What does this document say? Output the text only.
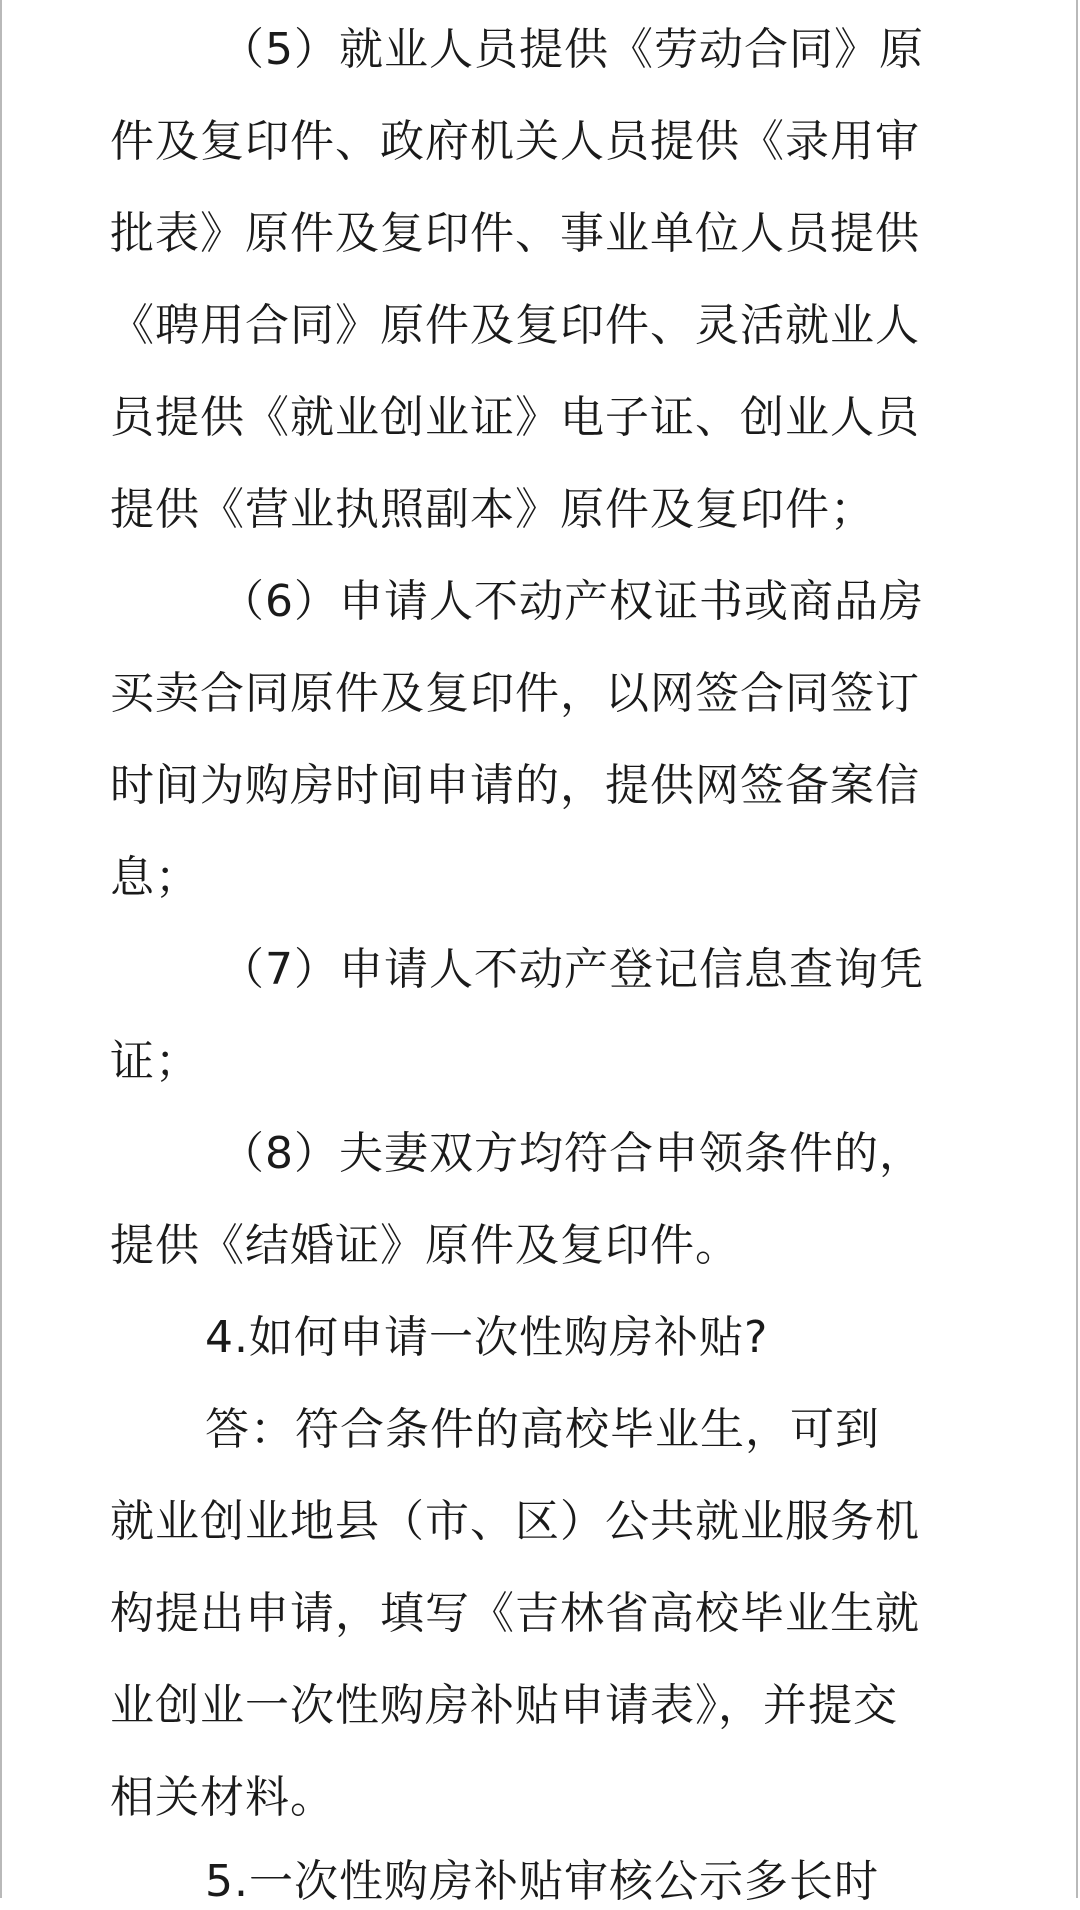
（5）就业人员提供《劳动合同》原
件及复印件、政府机关人员提供《录用审
批表》原件及复印件、事业单位人员提供
《聘用合同》原件及复印件、灵活就业人
员提供《就业创业证》电子证、创业人员
提供《营业执照副本》原件及复印件；
（6）申请人不动产权证书或商品房
买卖合同原件及复印件，以网签合同签订
时间为购房时间申请的，提供网签备案信
息；
（7）申请人不动产登记信息查询凭
证；
（8）夫妻双方均符合申领条件的，
提供《结婚证》原件及复印件。
4.如何申请一次性购房补贴?
答：符合条件的高校毕业生，可到
就业创业地县（市、区）公共就业服务机
构提出申请，填写《吉林省高校毕业生就
业创业一次性购房补贴申请表》，并提交
相关材料。
5.一次性购房补贴审核公示多长时
